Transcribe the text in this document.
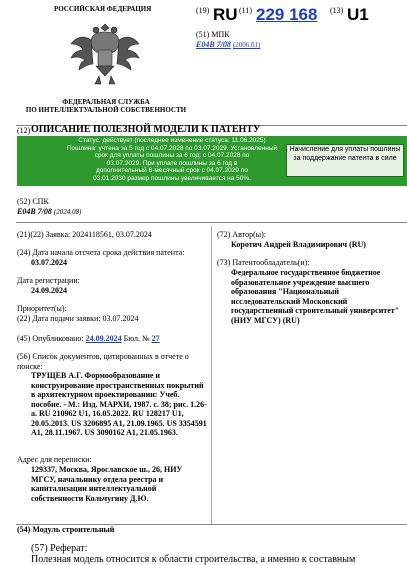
РОССИЙСКАЯ ФЕДЕРАЦИЯ
ФЕДЕРАЛЬНАЯ СЛУЖБА
ПО ИНТЕЛЛЕКТУАЛЬНОЙ СОБСТВЕННОСТИ
(19) RU (11) 229 168 (13) U1
(51) МПК
E04B 7/08 (2006.01)
(12) ОПИСАНИЕ ПОЛЕЗНОЙ МОДЕЛИ К ПАТЕНТУ
Статус: действует (последнее изменение статуса: 11.06.2025)
Пошлина: учтена за 5 год с 04.07.2028 по 03.07.2029. Установленный
срок для уплаты пошлины за 6 год: с 04.07.2028 по
03.07.2029. При уплате пошлины за 6 год в
дополнительный 6-месячный срок с 04.07.2029 по
03.01.2030 размер пошлины увеличивается на 50%.
Начисление для уплаты пошлины за поддержание патента в силе
(52) СПК
E04B 7/08 (2024.08)
(21)(22) Заявка: 2024118561, 03.07.2024
(24) Дата начала отсчета срока действия патента:
03.07.2024
Дата регистрации:
24.09.2024
Приоритет(ы):
(22) Дата подачи заявки: 03.07.2024
(45) Опубликовано: 24.09.2024 Бюл. № 27
(56) Список документов, цитированных в отчете о поиске:
ТРУЩЕВ А.Г. Формообразование и конструирование пространственных покрытий в архитектурном проектировании: Учеб. пособие. - М.: Изд. МАРХИ, 1987. с. 38; рис. 1.26-а. RU 210962 U1, 16.05.2022. RU 128217 U1, 20.05.2013. US 3206895 A1, 21.09.1965. US 3354591 A1, 28.11.1967. US 3090162 A1, 21.05.1963.
Адрес для переписки:
129337, Москва, Ярославское ш., 26, НИУ МГСУ, начальнику отдела реестра и капитализации интеллектуальной собственности Кольчугину Д.Ю.
(72) Автор(ы):
Коротич Андрей Владимирович (RU)
(73) Патентообладатель(и):
Федеральное государственное бюджетное образовательное учреждение высшего образования "Национальный исследовательский Московский государственный строительный университет" (НИУ МГСУ) (RU)
(54) Модуль строительный
(57) Реферат:
Полезная модель относится к области строительства, а именно к составным
